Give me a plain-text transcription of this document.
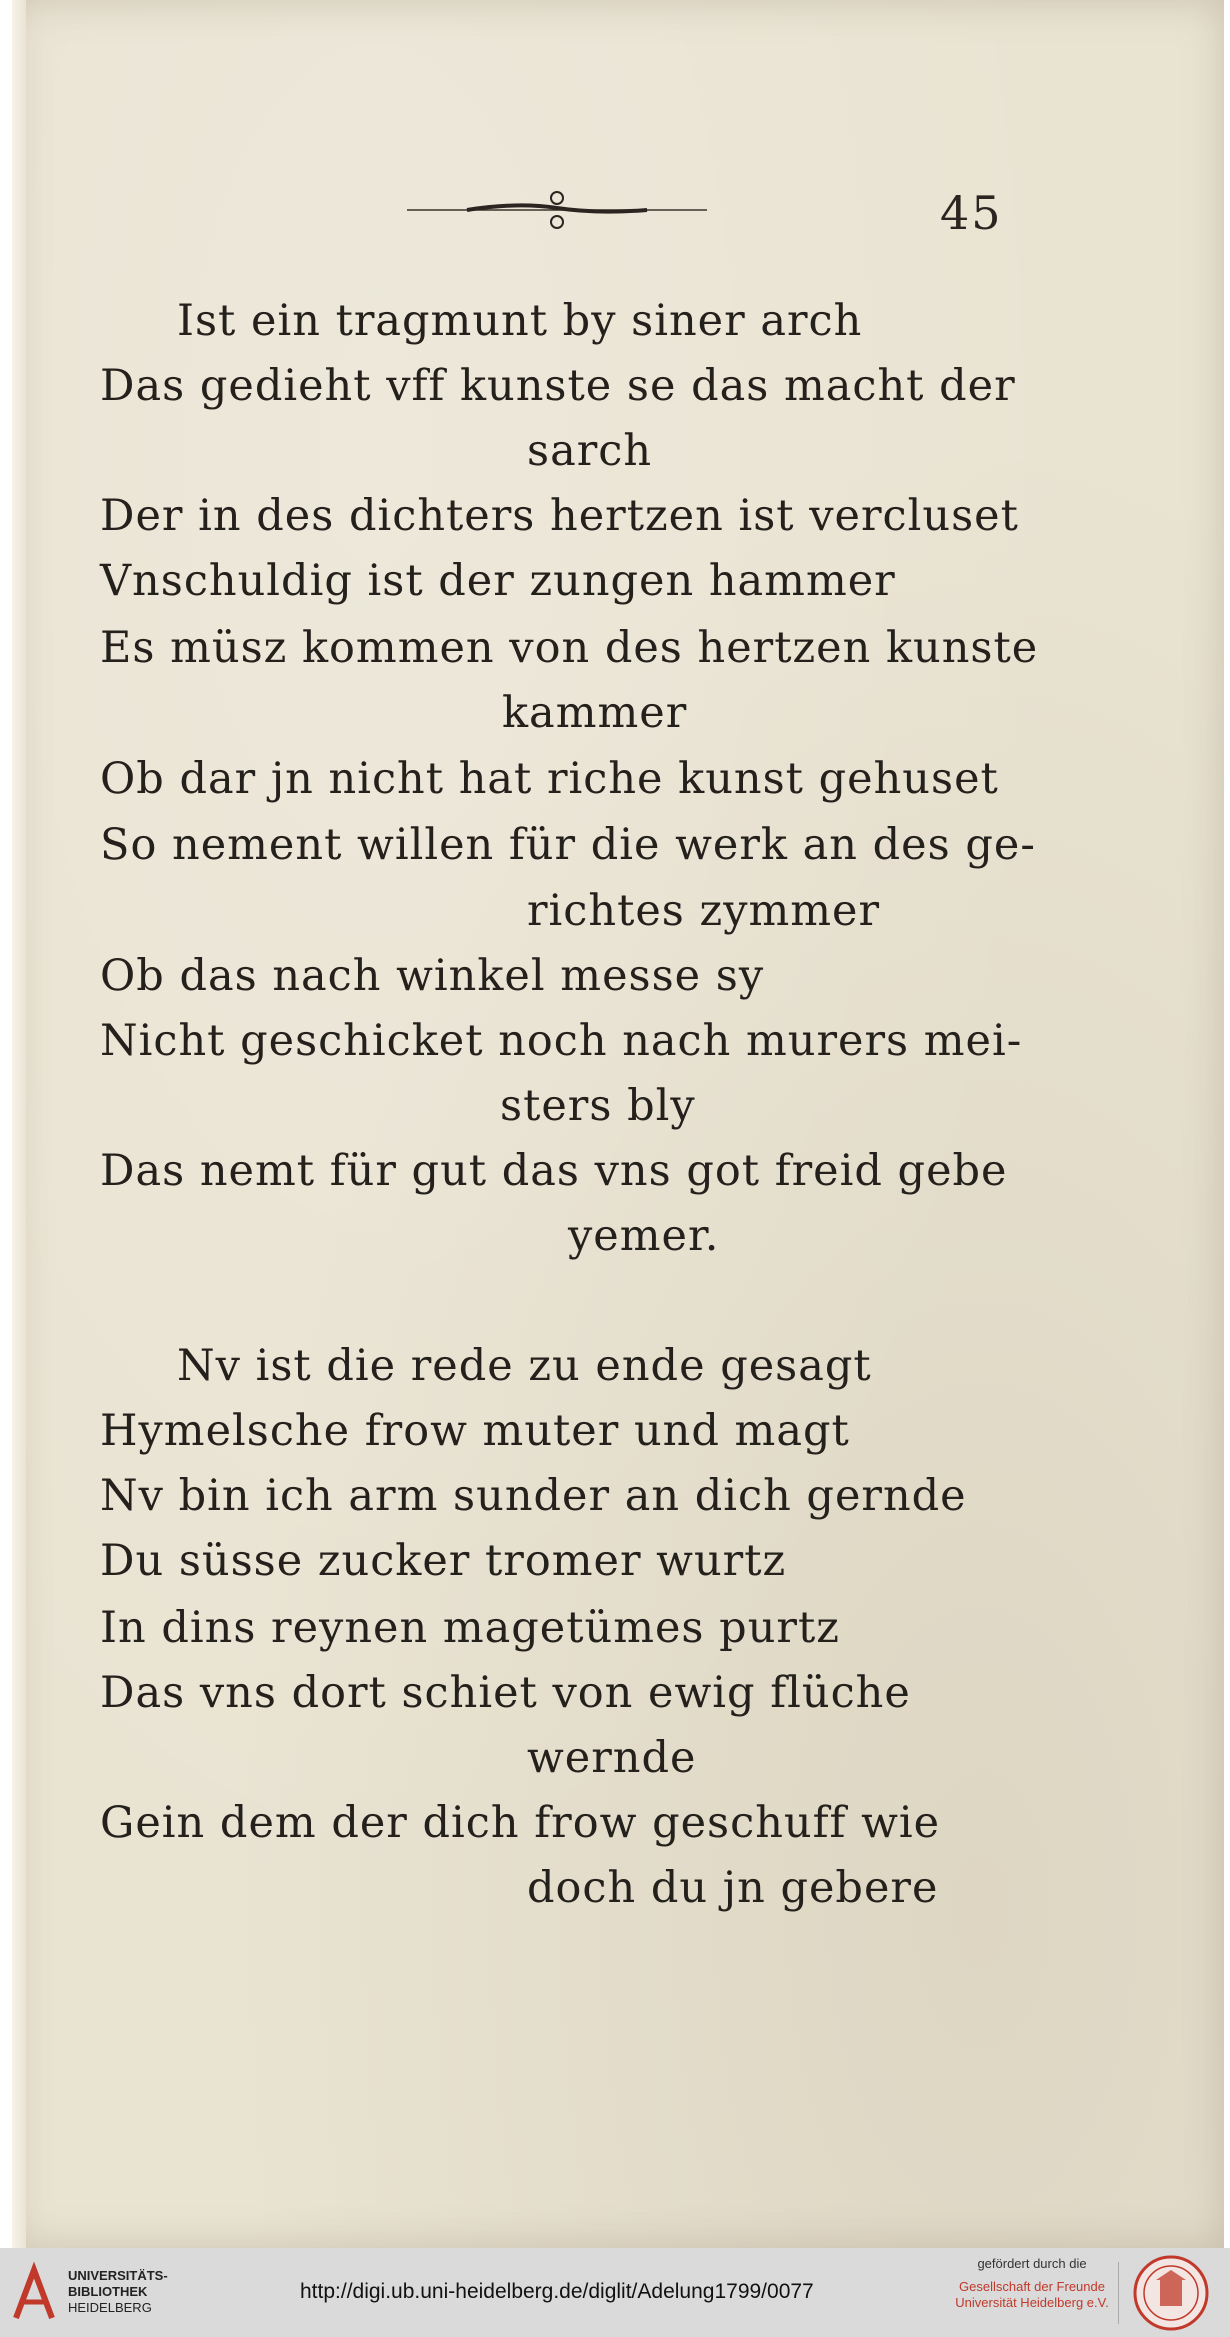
45
Ist ein tragmunt by siner arch
Das gedieht vff kunste se das macht der
sarch
Der in des dichters hertzen ist vercluset
Vnschuldig ist der zungen hammer
Es müsz kommen von des hertzen kunste
kammer
Ob dar jn nicht hat riche kunst gehuset
So nement willen für die werk an des ge-
richtes zymmer
Ob das nach winkel messe sy
Nicht geschicket noch nach murers mei-
sters bly
Das nemt für gut das vns got freid gebe
yemer.
Nv ist die rede zu ende gesagt
Hymelsche frow muter und magt
Nv bin ich arm sunder an dich gernde
Du süsse zucker tromer wurtz
In dins reynen magetümes purtz
Das vns dort schiet von ewig flüche
wernde
Gein dem der dich frow geschuff wie
doch du jn gebere
UNIVERSITÄTS-
BIBLIOTHEK
HEIDELBERG
http://digi.ub.uni-heidelberg.de/diglit/Adelung1799/0077
gefördert durch die
Gesellschaft der Freunde
Universität Heidelberg e.V.
